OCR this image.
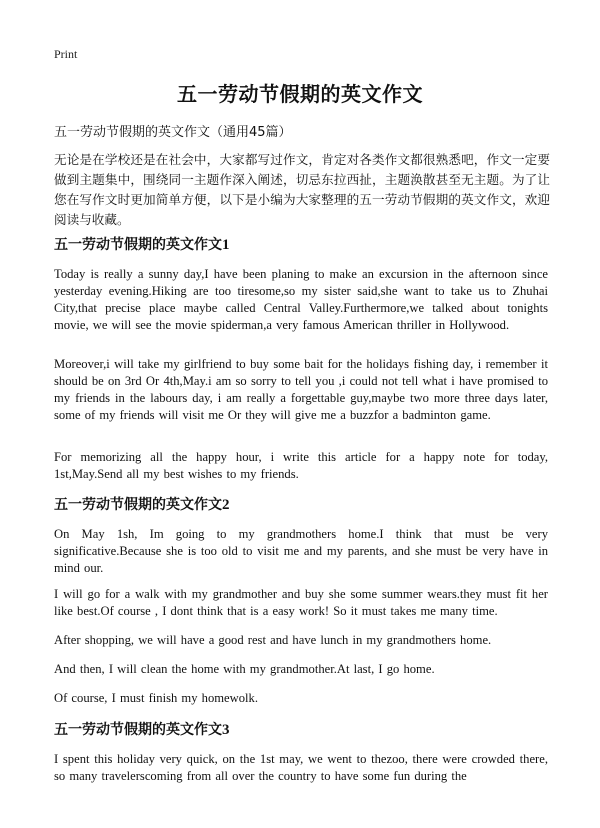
Print
五一劳动节假期的英文作文
五一劳动节假期的英文作文（通用45篇）

无论是在学校还是在社会中，大家都写过作文，肯定对各类作文都很熟悉吧，作文一定要做到主题集中，围绕同一主题作深入阐述，切忌东拉西扯，主题涣散甚至无主题。为了让您在写作文时更加简单方便，以下是小编为大家整理的五一劳动节假期的英文作文，欢迎阅读与收藏。

五一劳动节假期的英文作文1

Today is really a sunny day,I have been planing to make an excursion in the afternoon since yesterday evening.Hiking are too tiresome,so my sister said,she want to take us to Zhuhai City,that precise place maybe called Central Valley.Furthermore,we talked about tonights movie, we will see the movie spiderman,a very famous American thriller in Hollywood.

Moreover,i will take my girlfriend to buy some bait for the holidays fishing day, i remember it should be on 3rd Or 4th,May.i am so sorry to tell you ,i could not tell what i have promised to my friends in the labours day, i am really a forgettable guy,maybe two more three days later, some of my friends will visit me Or they will give me a buzzfor a badminton game.

For memorizing all the happy hour, i write this article for a happy note for today, 1st,May.Send all my best wishes to my friends.

五一劳动节假期的英文作文2

On May 1sh, Im going to my grandmothers home.I think that must be very significative.Because she is too old to visit me and my parents, and she must be very have in mind our.

I will go for a walk with my grandmother and buy she some summer wears.they must fit her like best.Of course , I dont think that is a easy work! So it must takes me many time.

After shopping, we will have a good rest and have lunch in my grandmothers home.

And then, I will clean the home with my grandmother.At last, I go home.

Of course, I must finish my homewolk.

五一劳动节假期的英文作文3

I spent this holiday very quick, on the 1st may, we went to thezoo, there were crowded there, so many travelerscoming from all over the country to have some fun during the
